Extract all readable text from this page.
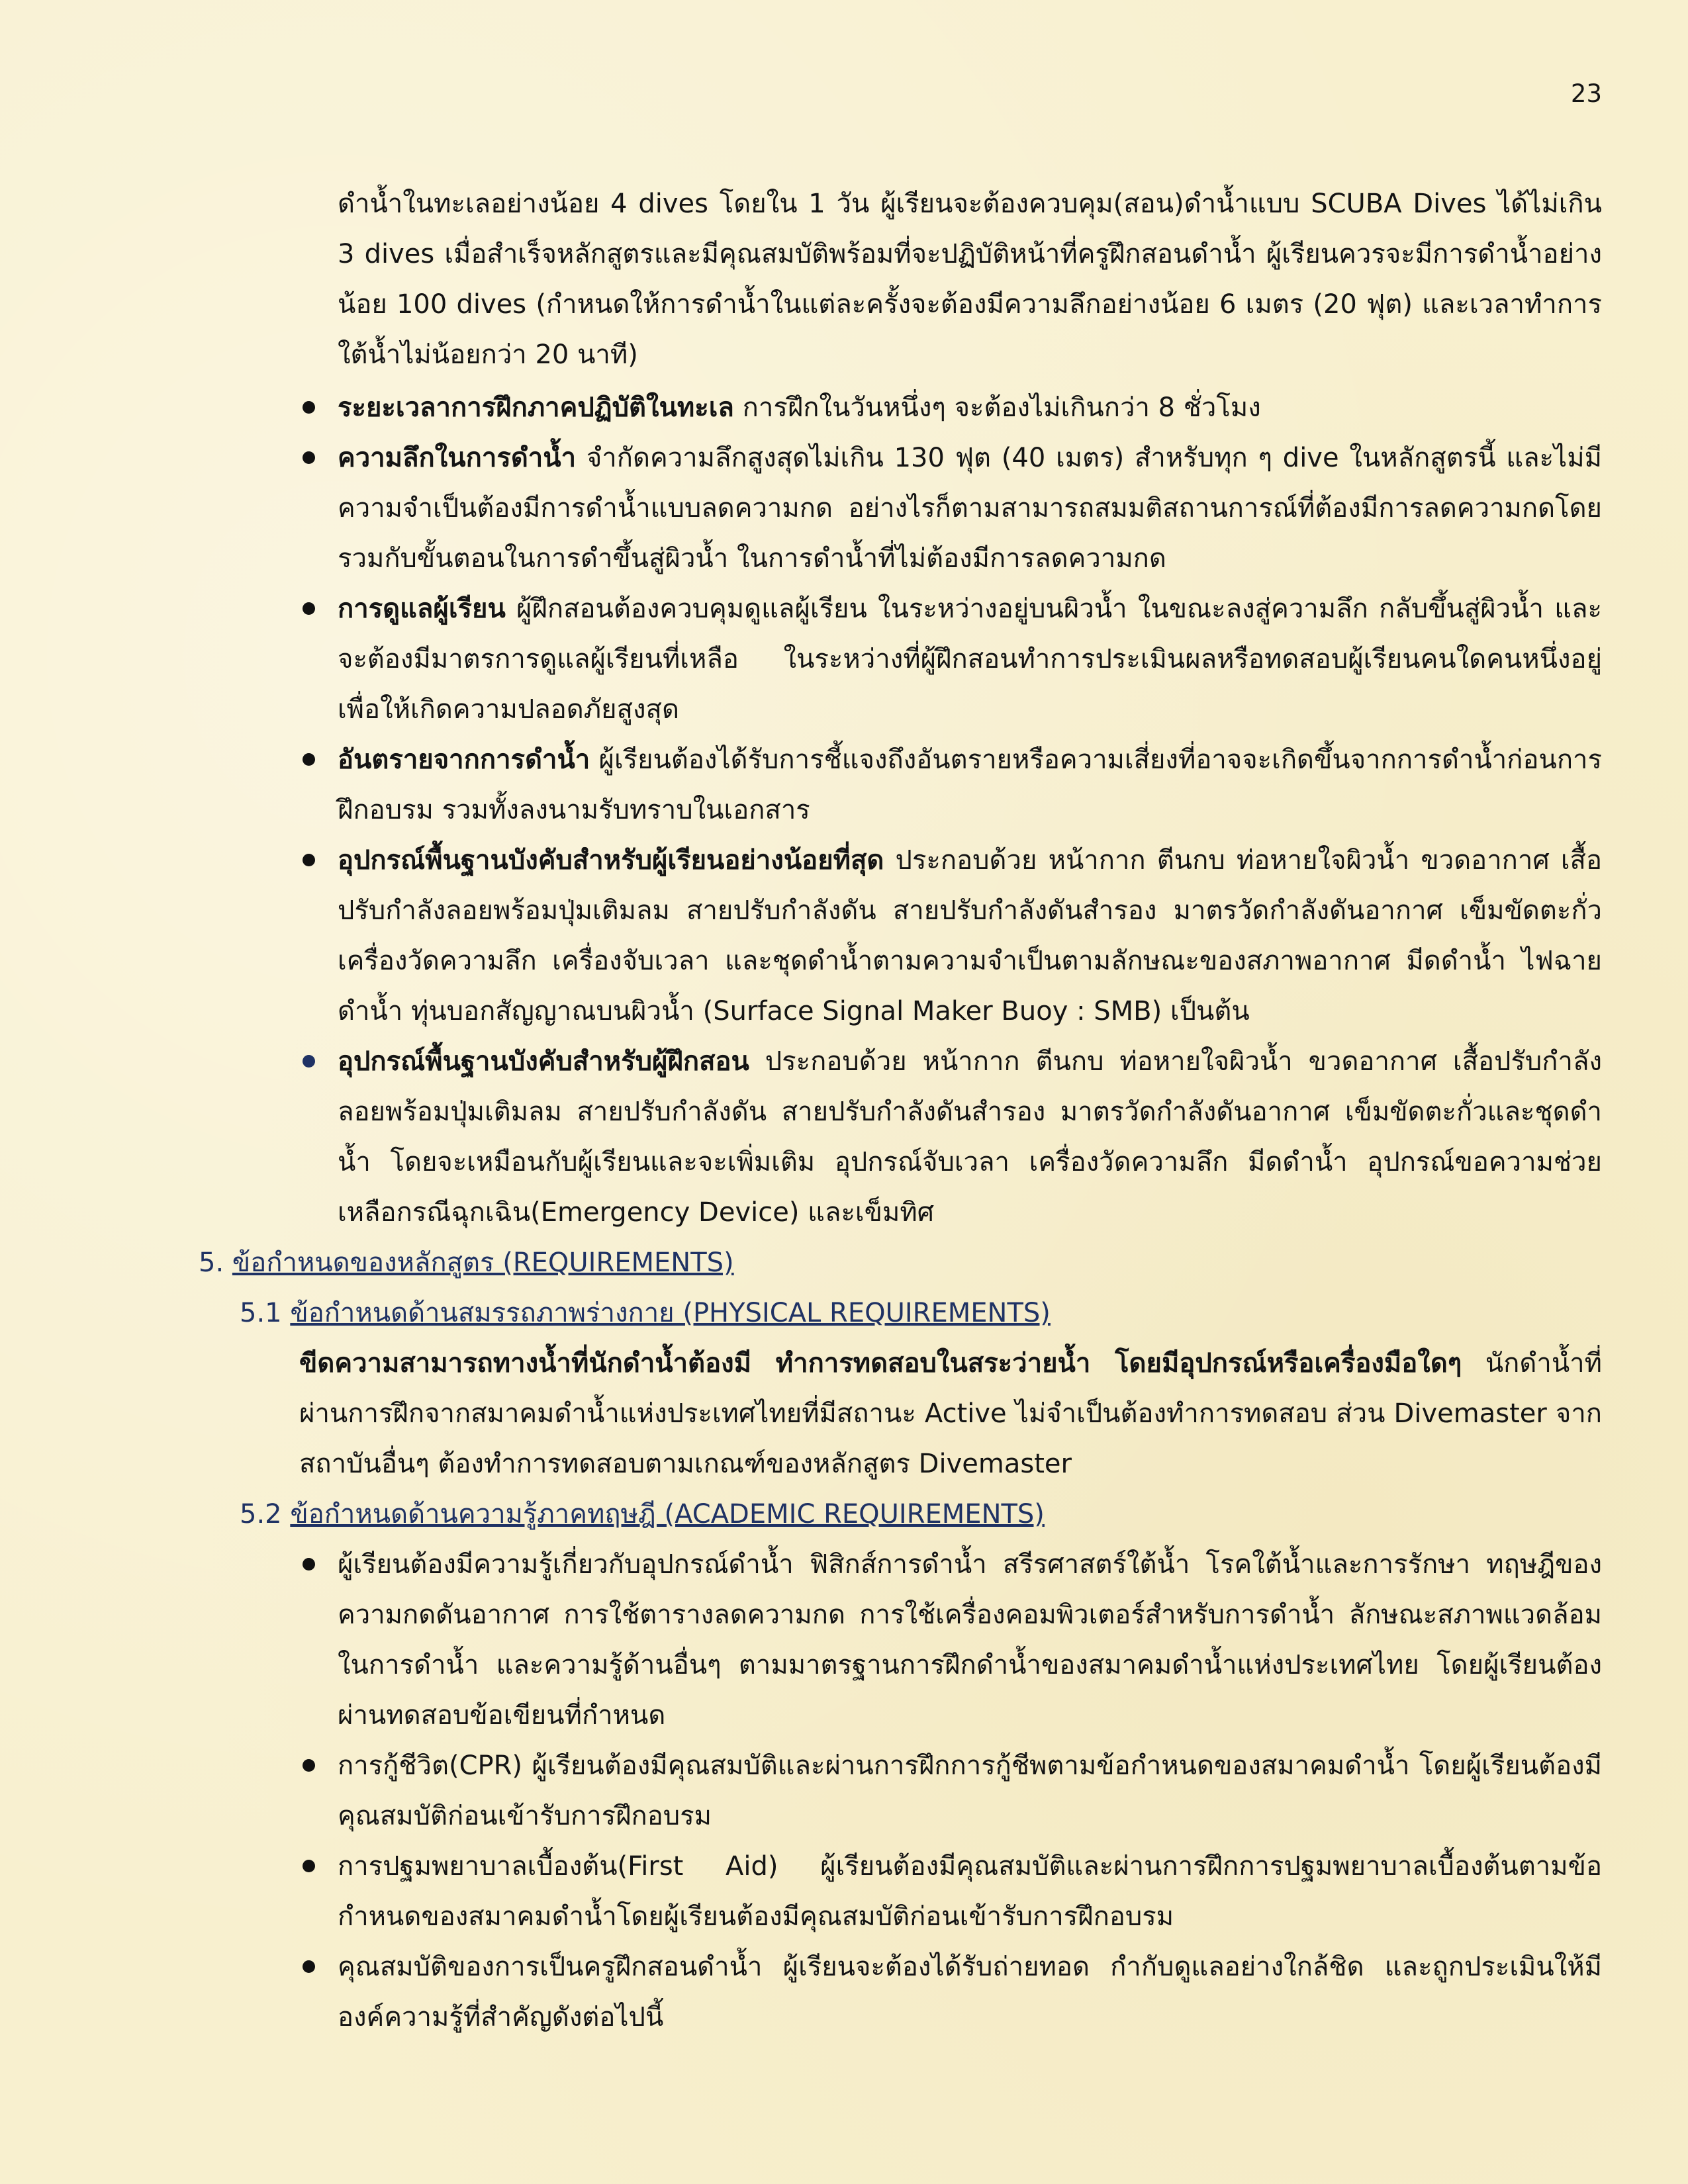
23

ดำน้ำในทะเลอย่างน้อย 4 dives โดยใน 1 วัน ผู้เรียนจะต้องควบคุม(สอน)ดำน้ำแบบ SCUBA Dives ได้ไม่เกิน 3 dives เมื่อสำเร็จหลักสูตรและมีคุณสมบัติพร้อมที่จะปฏิบัติหน้าที่ครูฝึกสอนดำน้ำ ผู้เรียนควรจะมีการดำน้ำอย่างน้อย 100 dives (กำหนดให้การดำน้ำในแต่ละครั้งจะต้องมีความลึกอย่างน้อย 6 เมตร (20 ฟุต) และเวลาทำการใต้น้ำไม่น้อยกว่า 20 นาที)

ระยะเวลาการฝึกภาคปฏิบัติในทะเล การฝึกในวันหนึ่งๆ จะต้องไม่เกินกว่า 8 ชั่วโมง
ความลึกในการดำน้ำ จำกัดความลึกสูงสุดไม่เกิน 130 ฟุต (40 เมตร) สำหรับทุก ๆ dive ในหลักสูตรนี้ และไม่มีความจำเป็นต้องมีการดำน้ำแบบลดความกด อย่างไรก็ตามสามารถสมมติสถานการณ์ที่ต้องมีการลดความกดโดยรวมกับขั้นตอนในการดำขึ้นสู่ผิวน้ำ ในการดำน้ำที่ไม่ต้องมีการลดความกด
การดูแลผู้เรียน ผู้ฝึกสอนต้องควบคุมดูแลผู้เรียน ในระหว่างอยู่บนผิวน้ำ ในขณะลงสู่ความลึก กลับขึ้นสู่ผิวน้ำ และจะต้องมีมาตรการดูแลผู้เรียนที่เหลือ ในระหว่างที่ผู้ฝึกสอนทำการประเมินผลหรือทดสอบผู้เรียนคนใดคนหนึ่งอยู่เพื่อให้เกิดความปลอดภัยสูงสุด
อันตรายจากการดำน้ำ ผู้เรียนต้องได้รับการชี้แจงถึงอันตรายหรือความเสี่ยงที่อาจจะเกิดขึ้นจากการดำน้ำก่อนการฝึกอบรม รวมทั้งลงนามรับทราบในเอกสาร
อุปกรณ์พื้นฐานบังคับสำหรับผู้เรียนอย่างน้อยที่สุด ประกอบด้วย หน้ากาก ตีนกบ ท่อหายใจผิวน้ำ ขวดอากาศ เสื้อปรับกำลังลอยพร้อมปุ่มเติมลม สายปรับกำลังดัน สายปรับกำลังดันสำรอง มาตรวัดกำลังดันอากาศ เข็มขัดตะกั่ว เครื่องวัดความลึก เครื่องจับเวลา และชุดดำน้ำตามความจำเป็นตามลักษณะของสภาพอากาศ มีดดำน้ำ ไฟฉายดำน้ำ ทุ่นบอกสัญญาณบนผิวน้ำ (Surface Signal Maker Buoy : SMB) เป็นต้น
อุปกรณ์พื้นฐานบังคับสำหรับผู้ฝึกสอน ประกอบด้วย หน้ากาก ตีนกบ ท่อหายใจผิวน้ำ ขวดอากาศ เสื้อปรับกำลังลอยพร้อมปุ่มเติมลม สายปรับกำลังดัน สายปรับกำลังดันสำรอง มาตรวัดกำลังดันอากาศ เข็มขัดตะกั่วและชุดดำน้ำ โดยจะเหมือนกับผู้เรียนและจะเพิ่มเติม อุปกรณ์จับเวลา เครื่องวัดความลึก มีดดำน้ำ อุปกรณ์ขอความช่วยเหลือกรณีฉุกเฉิน(Emergency Device) และเข็มทิศ
5. ข้อกำหนดของหลักสูตร (REQUIREMENTS)
5.1 ข้อกำหนดด้านสมรรถภาพร่างกาย (PHYSICAL REQUIREMENTS)

ขีดความสามารถทางน้ำที่นักดำน้ำต้องมี ทำการทดสอบในสระว่ายน้ำ โดยมีอุปกรณ์หรือเครื่องมือใดๆ นักดำน้ำที่ผ่านการฝึกจากสมาคมดำน้ำแห่งประเทศไทยที่มีสถานะ Active ไม่จำเป็นต้องทำการทดสอบ ส่วน Divemaster จากสถาบันอื่นๆ ต้องทำการทดสอบตามเกณฑ์ของหลักสูตร Divemaster

5.2 ข้อกำหนดด้านความรู้ภาคทฤษฎี (ACADEMIC REQUIREMENTS)
ผู้เรียนต้องมีความรู้เกี่ยวกับอุปกรณ์ดำน้ำ ฟิสิกส์การดำน้ำ สรีรศาสตร์ใต้น้ำ โรคใต้น้ำและการรักษา ทฤษฎีของความกดดันอากาศ การใช้ตารางลดความกด การใช้เครื่องคอมพิวเตอร์สำหรับการดำน้ำ ลักษณะสภาพแวดล้อมในการดำน้ำ และความรู้ด้านอื่นๆ ตามมาตรฐานการฝึกดำน้ำของสมาคมดำน้ำแห่งประเทศไทย โดยผู้เรียนต้องผ่านทดสอบข้อเขียนที่กำหนด
การกู้ชีวิต(CPR) ผู้เรียนต้องมีคุณสมบัติและผ่านการฝึกการกู้ชีพตามข้อกำหนดของสมาคมดำน้ำ โดยผู้เรียนต้องมีคุณสมบัติก่อนเข้ารับการฝึกอบรม
การปฐมพยาบาลเบื้องต้น(First Aid) ผู้เรียนต้องมีคุณสมบัติและผ่านการฝึกการปฐมพยาบาลเบื้องต้นตามข้อกำหนดของสมาคมดำน้ำโดยผู้เรียนต้องมีคุณสมบัติก่อนเข้ารับการฝึกอบรม
คุณสมบัติของการเป็นครูฝึกสอนดำน้ำ ผู้เรียนจะต้องได้รับถ่ายทอด กำกับดูแลอย่างใกล้ชิด และถูกประเมินให้มีองค์ความรู้ที่สำคัญดังต่อไปนี้
